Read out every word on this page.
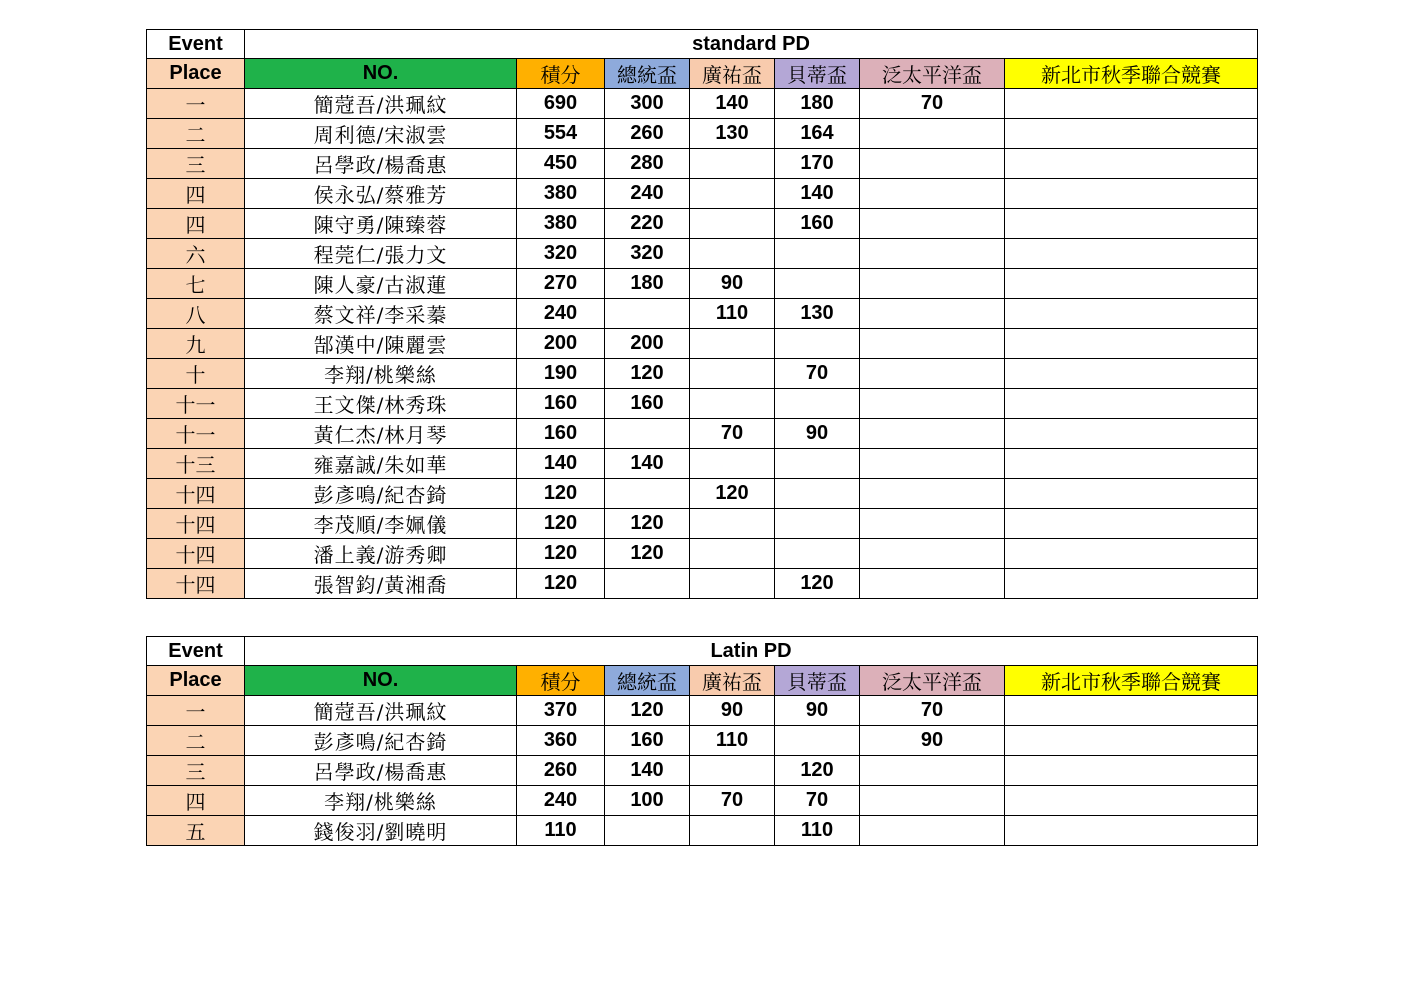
Event	standard PD						
Place	NO.	積分	總統盃	廣祐盃	貝蒂盃	泛太平洋盃	新北市秋季聯合競賽
一	簡蒄吾/洪珮紋	690	300	140	180	70	
二	周利德/宋淑雲	554	260	130	164		
三	呂學政/楊喬惠	450	280		170		
四	侯永弘/蔡雅芳	380	240		140		
四	陳守勇/陳臻蓉	380	220		160		
六	程莞仁/張力文	320	320				
七	陳人豪/古淑蓮	270	180	90			
八	蔡文祥/李采蓁	240		110	130		
九	郜漢中/陳麗雲	200	200				
十	李翔/桃樂絲	190	120		70		
十一	王文傑/林秀珠	160	160				
十一	黃仁杰/林月琴	160		70	90		
十三	雍嘉誠/朱如華	140	140				
十四	彭彥鳴/紀杏錡	120		120			
十四	李茂順/李姵儀	120	120				
十四	潘上義/游秀卿	120	120				
十四	張智鈞/黃湘喬	120			120		
Event	Latin PD						
Place	NO.	積分	總統盃	廣祐盃	貝蒂盃	泛太平洋盃	新北市秋季聯合競賽
一	簡蒄吾/洪珮紋	370	120	90	90	70	
二	彭彥鳴/紀杏錡	360	160	110		90	
三	呂學政/楊喬惠	260	140		120		
四	李翔/桃樂絲	240	100	70	70		
五	錢俊羽/劉曉明	110			110		
